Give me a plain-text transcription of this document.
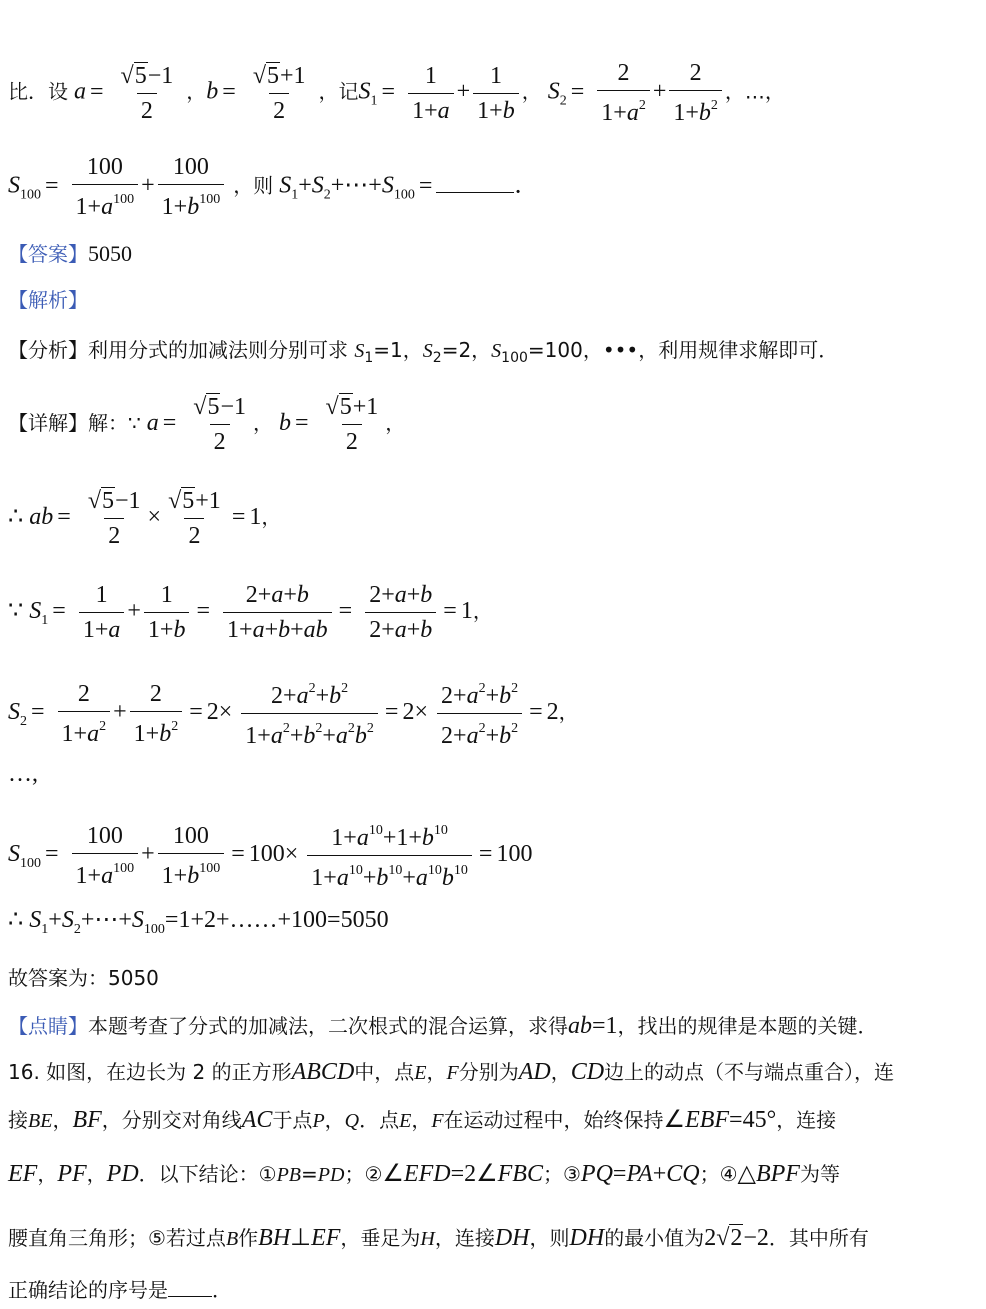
比．设 $a = \frac{√5-1}{2}$ ，$b = \frac{√5+1}{2}$ ，记$S_1 = \frac{1}{1+a} + \frac{1}{1+b}$ ， $S_2 = \frac{2}{1+a^2} + \frac{2}{1+b^2}$ ，…，
$S_{100} = \frac{100}{1+a^{100}} + \frac{100}{1+b^{100}}$ ，则 $S_1+S_2+\cdots+S_{100}$ =	．
【答案】5050
【解析】
【分析】利用分式的加减法则分别可求 $S_1=1$，$S_2=2$，$S_{100}=100$，•••，利用规律求解即可．
【详解】解：∵ $a = \frac{√5-1}{2}$ ， $b = \frac{√5+1}{2}$ ，
∴ ab = $\frac{√5-1}{2} \times \frac{√5+1}{2} = 1$，
∵ $S_1 = \frac{1}{1+a} + \frac{1}{1+b} = \frac{2+a+b}{1+a+b+ab} = \frac{2+a+b}{2+a+b} = 1$，
$S_2 = \frac{2}{1+a^2} + \frac{2}{1+b^2} = 2\times \frac{2+a^2+b^2}{1+a^2+b^2+a^2b^2} = 2\times \frac{2+a^2+b^2}{2+a^2+b^2} = 2$，
…,
$S_{100} = \frac{100}{1+a^{100}} + \frac{100}{1+b^{100}} = 100\times \frac{1+a^{10}+1+b^{10}}{1+a^{10}+b^{10}+a^{10}b^{10}} = 100$
∴ $S_1+S_2+\cdots+S_{100}=1+2+\dots\dots+100=5050$
故答案为：5050
【点睛】本题考查了分式的加减法，二次根式的混合运算，求得ab=1，找出的规律是本题的关键．
16. 如图，在边长为 2 的正方形ABCD中，点E，F分别为AD，CD边上的动点（不与端点重合），连
接BE，BF，分别交对角线AC于点P，Q．点E，F在运动过程中，始终保持∠EBF=45°，连接
EF，PF，PD．以下结论：①PB=PD；②∠EFD=2∠FBC；③PQ=PA+CQ；④△BPF为等
腰直角三角形；⑤若过点B作BH⊥EF，垂足为H，连接DH，则DH的最小值为2√2−2．其中所有
正确结论的序号是 ．
